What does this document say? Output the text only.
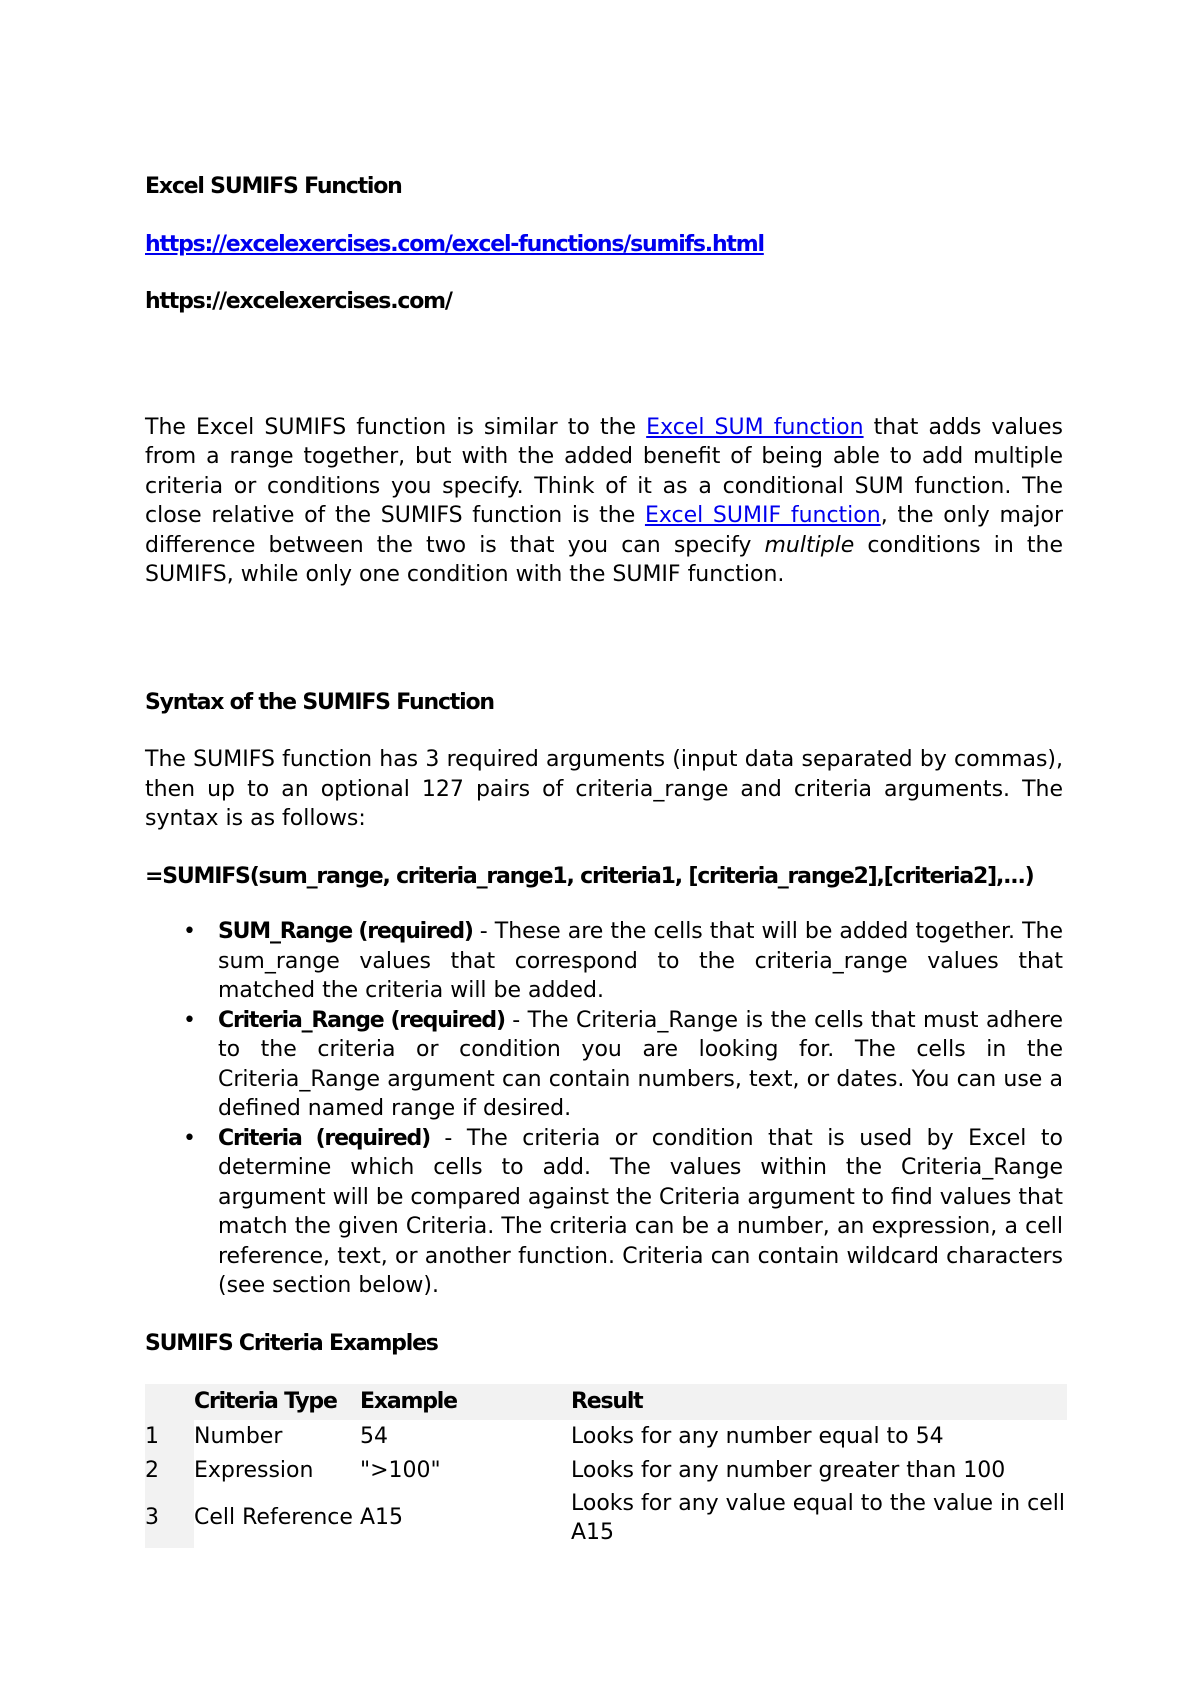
Excel SUMIFS Function

https://excelexercises.com/excel-functions/sumifs.html
https://excelexercises.com/

The Excel SUMIFS function is similar to the Excel SUM function that adds values from a range together, but with the added benefit of being able to add multiple criteria or conditions you specify. Think of it as a conditional SUM function. The close relative of the SUMIFS function is the Excel SUMIF function, the only major difference between the two is that you can specify multiple conditions in the SUMIFS, while only one condition with the SUMIF function.

Syntax of the SUMIFS Function

The SUMIFS function has 3 required arguments (input data separated by commas), then up to an optional 127 pairs of criteria_range and criteria arguments. The syntax is as follows:

=SUMIFS(sum_range, criteria_range1, criteria1, [criteria_range2],[criteria2],...)
• SUM_Range (required) - These are the cells that will be added together. The sum_range values that correspond to the criteria_range values that matched the criteria will be added.
• Criteria_Range (required) - The Criteria_Range is the cells that must adhere to the criteria or condition you are looking for. The cells in the Criteria_Range argument can contain numbers, text, or dates. You can use a defined named range if desired.
• Criteria (required) - The criteria or condition that is used by Excel to determine which cells to add. The values within the Criteria_Range argument will be compared against the Criteria argument to find values that match the given Criteria. The criteria can be a number, an expression, a cell reference, text, or another function. Criteria can contain wildcard characters (see section below).

SUMIFS Criteria Examples

	Criteria Type	Example	Result
1	Number	54	Looks for any number equal to 54
2	Expression	">100"	Looks for any number greater than 100
3	Cell Reference	A15	Looks for any value equal to the value in cell A15
